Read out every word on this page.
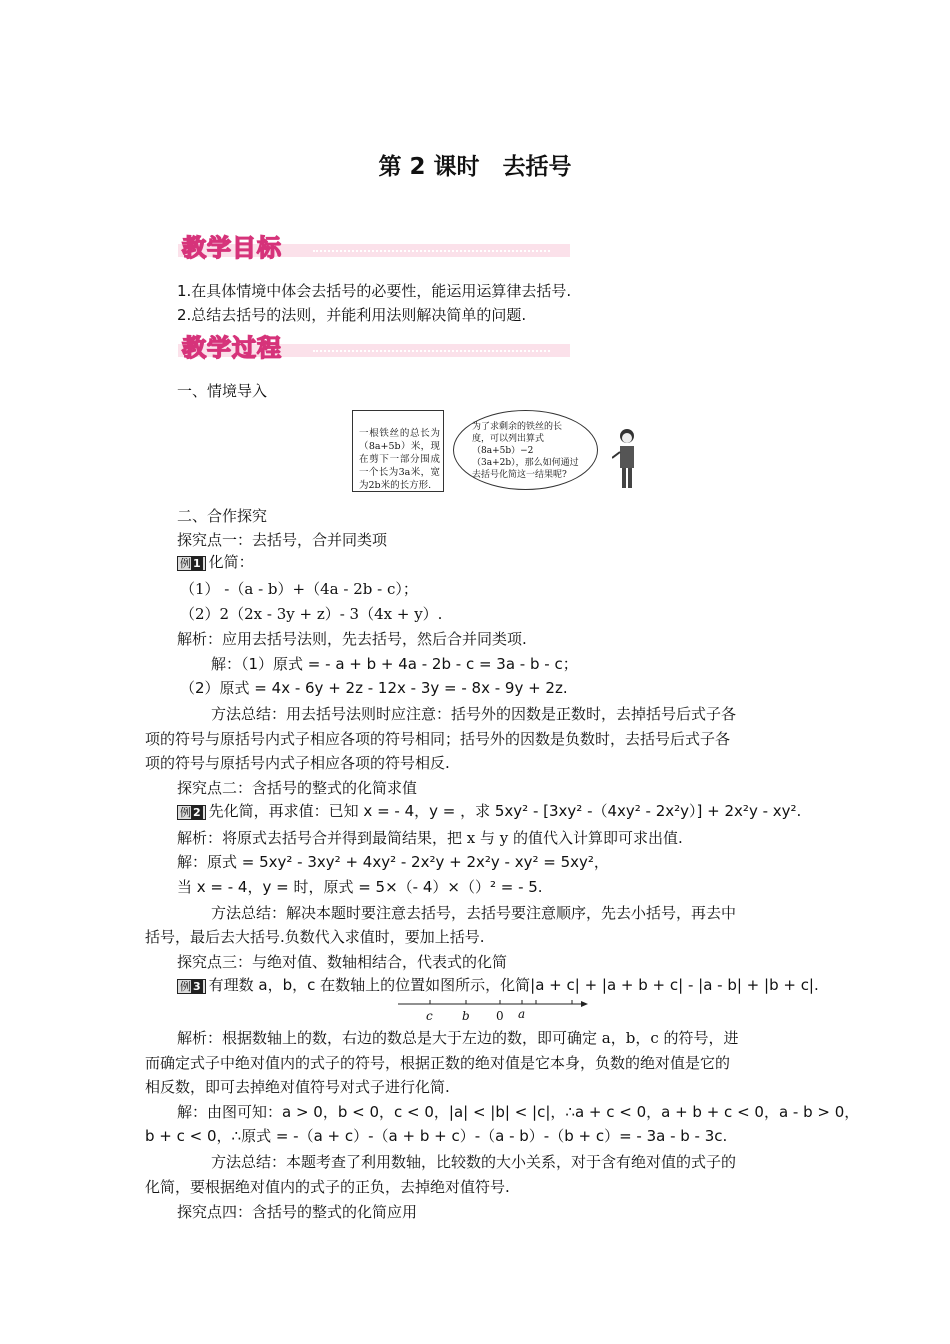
第 2 课时　去括号
教学目标
1.在具体情境中体会去括号的必要性，能运用运算律去括号.
2.总结去括号的法则，并能利用法则解决简单的问题.
教学过程
一、情境导入
一根铁丝的总长为（8a+5b）米，现在剪下一部分围成一个长为3a米，宽为2b米的长方形.
为了求剩余的铁丝的长度，可以列出算式（8a+5b）−2（3a+2b），那么如何通过去括号化简这一结果呢?
二、合作探究
探究点一：去括号，合并同类项
例 1 化简：
（1） -（a - b）+（4a - 2b - c）；
（2）2（2x - 3y + z）- 3（4x + y）.
解析：应用去括号法则，先去括号，然后合并同类项.
解：（1）原式 = - a + b + 4a - 2b - c = 3a - b - c；
（2）原式 = 4x - 6y + 2z - 12x - 3y = - 8x - 9y + 2z.
方法总结：用去括号法则时应注意：括号外的因数是正数时，去掉括号后式子各
项的符号与原括号内式子相应各项的符号相同；括号外的因数是负数时，去括号后式子各
项的符号与原括号内式子相应各项的符号相反.
探究点二：含括号的整式的化简求值
例 2 先化简，再求值：已知 x = - 4，y = ，求 5xy² - [3xy² -（4xy² - 2x²y）] + 2x²y - xy².
解析：将原式去括号合并得到最简结果，把 x 与 y 的值代入计算即可求出值.
解：原式 = 5xy² - 3xy² + 4xy² - 2x²y + 2x²y - xy² = 5xy²，
当 x = - 4，y = 时，原式 = 5×（- 4）×（）² = - 5.
方法总结：解决本题时要注意去括号，去括号要注意顺序，先去小括号，再去中
括号，最后去大括号.负数代入求值时，要加上括号.
探究点三：与绝对值、数轴相结合，代表式的化简
例 3 有理数 a，b，c 在数轴上的位置如图所示，化简|a + c| + |a + b + c| - |a - b| + |b + c|.
c b 0 a
解析：根据数轴上的数，右边的数总是大于左边的数，即可确定 a，b，c 的符号，进
而确定式子中绝对值内的式子的符号，根据正数的绝对值是它本身，负数的绝对值是它的
相反数，即可去掉绝对值符号对式子进行化简.
解：由图可知：a > 0，b < 0，c < 0，|a| < |b| < |c|，∴a + c < 0，a + b + c < 0，a - b > 0，
b + c < 0，∴原式 = -（a + c）-（a + b + c）-（a - b）-（b + c）= - 3a - b - 3c.
方法总结：本题考查了利用数轴，比较数的大小关系，对于含有绝对值的式子的
化简，要根据绝对值内的式子的正负，去掉绝对值符号.
探究点四：含括号的整式的化简应用
